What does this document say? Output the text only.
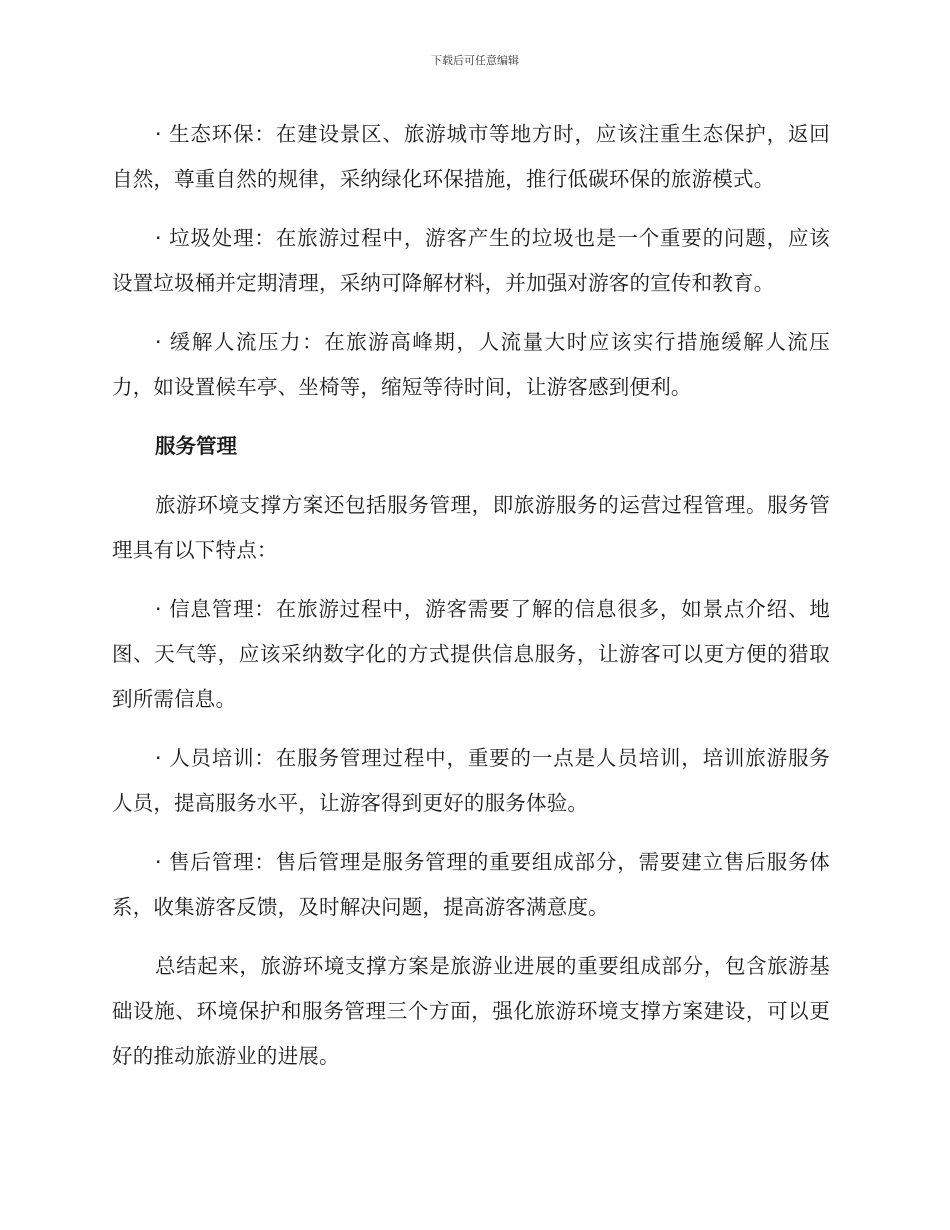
下载后可任意编辑

· 生态环保：在建设景区、旅游城市等地方时，应该注重生态保护，返回自然，尊重自然的规律，采纳绿化环保措施，推行低碳环保的旅游模式。

· 垃圾处理：在旅游过程中，游客产生的垃圾也是一个重要的问题，应该设置垃圾桶并定期清理，采纳可降解材料，并加强对游客的宣传和教育。

· 缓解人流压力：在旅游高峰期，人流量大时应该实行措施缓解人流压力，如设置候车亭、坐椅等，缩短等待时间，让游客感到便利。

服务管理

旅游环境支撑方案还包括服务管理，即旅游服务的运营过程管理。服务管理具有以下特点：

· 信息管理：在旅游过程中，游客需要了解的信息很多，如景点介绍、地图、天气等，应该采纳数字化的方式提供信息服务，让游客可以更方便的猎取到所需信息。

· 人员培训：在服务管理过程中，重要的一点是人员培训，培训旅游服务人员，提高服务水平，让游客得到更好的服务体验。

· 售后管理：售后管理是服务管理的重要组成部分，需要建立售后服务体系，收集游客反馈，及时解决问题，提高游客满意度。

总结起来，旅游环境支撑方案是旅游业进展的重要组成部分，包含旅游基础设施、环境保护和服务管理三个方面，强化旅游环境支撑方案建设，可以更好的推动旅游业的进展。
